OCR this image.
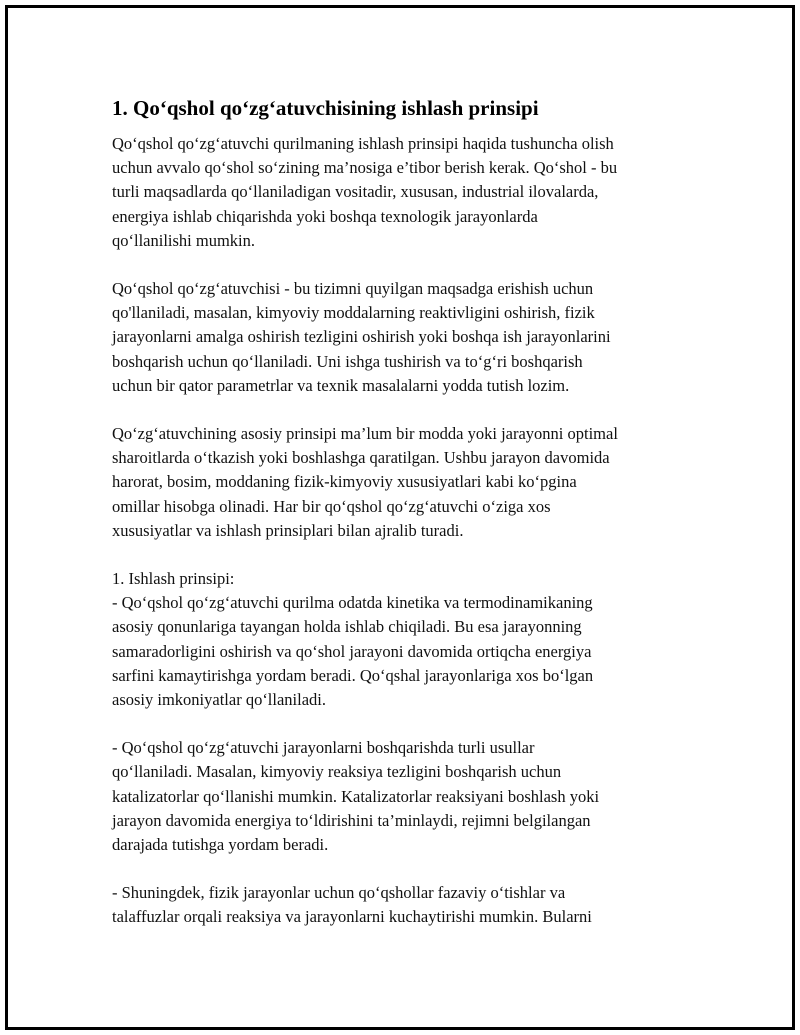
1. Qo‘qshol qo‘zg‘atuvchisining ishlash prinsipi

Qo‘qshol qo‘zg‘atuvchi qurilmaning ishlash prinsipi haqida tushuncha olish
uchun avvalo qo‘shol so‘zining ma’nosiga e’tibor berish kerak. Qo‘shol - bu
turli maqsadlarda qo‘llaniladigan vositadir, xususan, industrial ilovalarda,
energiya ishlab chiqarishda yoki boshqa texnologik jarayonlarda
qo‘llanilishi mumkin.

Qo‘qshol qo‘zg‘atuvchisi - bu tizimni quyilgan maqsadga erishish uchun
qo'llaniladi, masalan, kimyoviy moddalarning reaktivligini oshirish, fizik
jarayonlarni amalga oshirish tezligini oshirish yoki boshqa ish jarayonlarini
boshqarish uchun qo‘llaniladi. Uni ishga tushirish va to‘g‘ri boshqarish
uchun bir qator parametrlar va texnik masalalarni yodda tutish lozim.

Qo‘zg‘atuvchining asosiy prinsipi ma’lum bir modda yoki jarayonni optimal
sharoitlarda o‘tkazish yoki boshlashga qaratilgan. Ushbu jarayon davomida
harorat, bosim, moddaning fizik-kimyoviy xususiyatlari kabi ko‘pgina
omillar hisobga olinadi. Har bir qo‘qshol qo‘zg‘atuvchi o‘ziga xos
xususiyatlar va ishlash prinsiplari bilan ajralib turadi.

1. Ishlash prinsipi:

- Qo‘qshol qo‘zg‘atuvchi qurilma odatda kinetika va termodinamikaning
asosiy qonunlariga tayangan holda ishlab chiqiladi. Bu esa jarayonning
samaradorligini oshirish va qo‘shol jarayoni davomida ortiqcha energiya
sarfini kamaytirishga yordam beradi. Qo‘qshal jarayonlariga xos bo‘lgan
asosiy imkoniyatlar qo‘llaniladi.

- Qo‘qshol qo‘zg‘atuvchi jarayonlarni boshqarishda turli usullar
qo‘llaniladi. Masalan, kimyoviy reaksiya tezligini boshqarish uchun
katalizatorlar qo‘llanishi mumkin. Katalizatorlar reaksiyani boshlash yoki
jarayon davomida energiya to‘ldirishini ta’minlaydi, rejimni belgilangan
darajada tutishga yordam beradi.

- Shuningdek, fizik jarayonlar uchun qo‘qshollar fazaviy o‘tishlar va
talaffuzlar orqali reaksiya va jarayonlarni kuchaytirishi mumkin. Bularni
